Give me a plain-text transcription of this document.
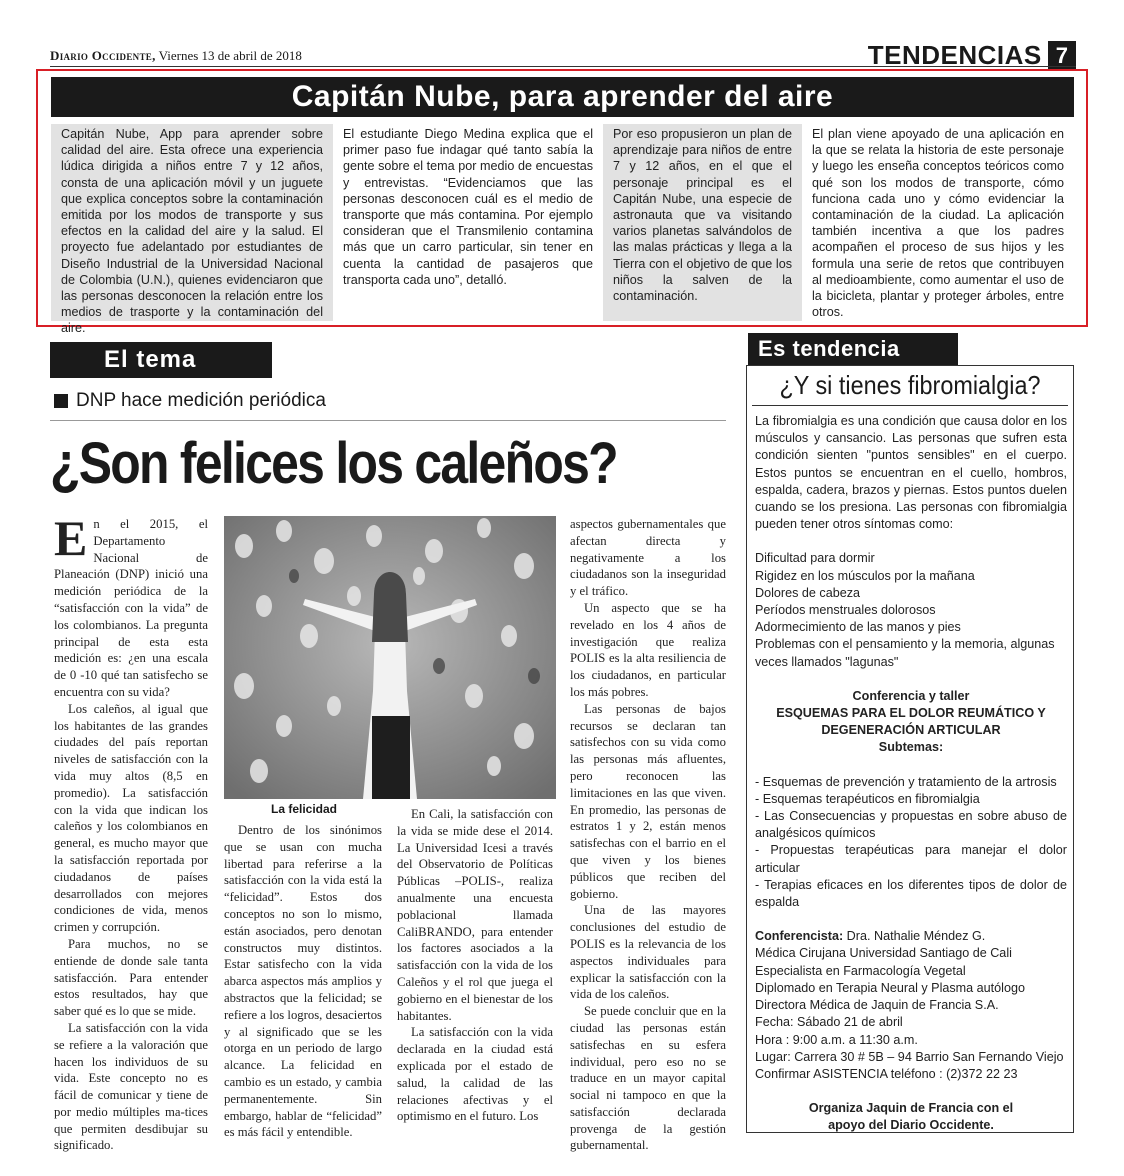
Diario Occidente, Viernes 13 de abril de 2018	TENDENCIAS 7
Capitán Nube, para aprender del aire
Capitán Nube, App para aprender sobre calidad del aire. Esta ofrece una experiencia lúdica dirigida a niños entre 7 y 12 años, consta de una aplicación móvil y un juguete que explica conceptos sobre la contaminación emitida por los modos de transporte y sus efectos en la calidad del aire y la salud. El proyecto fue adelantado por estudiantes de Diseño Industrial de la Universidad Nacional de Colombia (U.N.), quienes evidenciaron que las personas desconocen la relación entre los medios de trasporte y la contaminación del aire.
El estudiante Diego Medina explica que el primer paso fue indagar qué tanto sabía la gente sobre el tema por medio de encuestas y entrevistas. “Evidenciamos que las personas desconocen cuál es el medio de transporte que más contamina. Por ejemplo consideran que el Transmilenio contamina más que un carro particular, sin tener en cuenta la cantidad de pasajeros que transporta cada uno”, detalló.
Por eso propusieron un plan de aprendizaje para niños de entre 7 y 12 años, en el que el personaje principal es el Capitán Nube, una especie de astronauta que va visitando varios planetas salvándolos de las malas prácticas y llega a la Tierra con el objetivo de que los niños la salven de la contaminación.
El plan viene apoyado de una aplicación en la que se relata la historia de este personaje y luego les enseña conceptos teóricos como qué son los modos de transporte, cómo funciona cada uno y cómo evidenciar la contaminación de la ciudad. La aplicación también incentiva a que los padres acompañen el proceso de sus hijos y les formula una serie de retos que contribuyen al medioambiente, como aumentar el uso de la bicicleta, plantar y proteger árboles, entre otros.
El tema
DNP hace medición periódica
¿Son felices los caleños?

En el 2015, el Departamento Nacional de Planeación (DNP) inició una medición periódica de la “satisfacción con la vida” de los colombianos. La pregunta principal de esta esta medición es: ¿en una escala de 0 -10 qué tan satisfecho se encuentra con su vida?

Los caleños, al igual que los habitantes de las grandes ciudades del país reportan niveles de satisfacción con la vida muy altos (8,5 en promedio). La satisfacción con la vida que indican los caleños y los colombianos en general, es mucho mayor que la satisfacción reportada por ciudadanos de países desarrollados con mejores condiciones de vida, menos crimen y corrupción.

Para muchos, no se entiende de donde sale tanta satisfacción. Para entender estos resultados, hay que saber qué es lo que se mide.

La satisfacción con la vida se refiere a la valoración que hacen los individuos de su vida. Este concepto no es fácil de comunicar y tiene de por medio múltiples ma-tices que permiten desdibujar su significado.

La felicidad

Dentro de los sinónimos que se usan con mucha libertad para referirse a la satisfacción con la vida está la “felicidad”. Estos dos conceptos no son lo mismo, están asociados, pero denotan constructos muy distintos. Estar satisfecho con la vida abarca aspectos más amplios y abstractos que la felicidad; se refiere a los logros, desaciertos y al significado que se les otorga en un periodo de largo alcance. La felicidad en cambio es un estado, y cambia permanentemente. Sin embargo, hablar de “felicidad” es más fácil y entendible.

En Cali, la satisfacción con la vida se mide dese el 2014. La Universidad Icesi a través del Observatorio de Políticas Públicas –POLIS-, realiza anualmente una encuesta poblacional llamada CaliBRANDO, para entender los factores asociados a la satisfacción con la vida de los Caleños y el rol que juega el gobierno en el bienestar de los habitantes.

La satisfacción con la vida declarada en la ciudad está explicada por el estado de salud, la calidad de las relaciones afectivas y el optimismo en el futuro. Los

aspectos gubernamentales que afectan directa y negativamente a los ciudadanos son la inseguridad y el tráfico.

Un aspecto que se ha revelado en los 4 años de investigación que realiza POLIS es la alta resiliencia de los ciudadanos, en particular los más pobres.

Las personas de bajos recursos se declaran tan satisfechos con su vida como las personas más afluentes, pero reconocen las limitaciones en las que viven. En promedio, las personas de estratos 1 y 2, están menos satisfechas con el barrio en el que viven y los bienes públicos que reciben del gobierno.

Una de las mayores conclusiones del estudio de POLIS es la relevancia de los aspectos individuales para explicar la satisfacción con la vida de los caleños.

Se puede concluir que en la ciudad las personas están satisfechas en su esfera individual, pero eso no se traduce en un mayor capital social ni tampoco en que la satisfacción declarada provenga de la gestión gubernamental.

Es tendencia
¿Y si tienes fibromialgia?
La fibromialgia es una condición que causa dolor en los músculos y cansancio. Las personas que sufren esta condición sienten "puntos sensibles" en el cuerpo. Estos puntos se encuentran en el cuello, hombros, espalda, cadera, brazos y piernas. Estos puntos duelen cuando se los presiona. Las personas con fibromialgia pueden tener otros síntomas como:
Dificultad para dormir
Rigidez en los músculos por la mañana
Dolores de cabeza
Períodos menstruales dolorosos
Adormecimiento de las manos y pies
Problemas con el pensamiento y la memoria, algunas veces llamados "lagunas"
Conferencia y taller
ESQUEMAS PARA EL DOLOR REUMÁTICO Y DEGENERACIÓN ARTICULAR
Subtemas:
- Esquemas de prevención y tratamiento de la artrosis
- Esquemas terapéuticos en fibromialgia
- Las Consecuencias y propuestas en sobre abuso de analgésicos químicos
- Propuestas terapéuticas para manejar el dolor articular
- Terapias eficaces en los diferentes tipos de dolor de espalda
Conferencista: Dra. Nathalie Méndez G.
Médica Cirujana Universidad Santiago de Cali
Especialista en Farmacología Vegetal
Diplomado en Terapia Neural y Plasma autólogo
Directora Médica de Jaquin de Francia S.A.
Fecha: Sábado 21 de abril
Hora : 9:00 a.m. a 11:30 a.m.
Lugar: Carrera 30 # 5B – 94 Barrio San Fernando Viejo
Confirmar ASISTENCIA teléfono : (2)372 22 23
Organiza Jaquin de Francia con el apoyo del Diario Occidente.
